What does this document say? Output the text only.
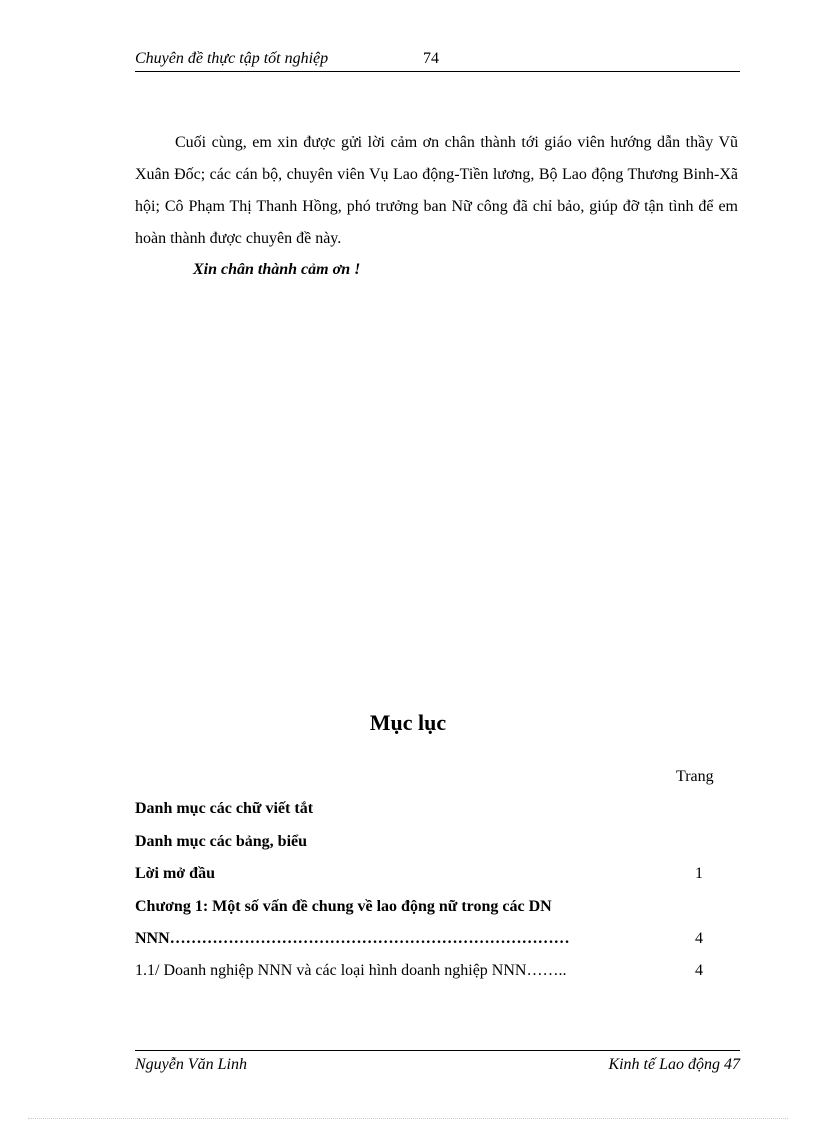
Chuyên đề thực tập tốt nghiệp	74

Cuối cùng, em xin được gửi lời cảm ơn chân thành tới giáo viên hướng dẫn thầy Vũ Xuân Đốc; các cán bộ, chuyên viên Vụ Lao động-Tiền lương, Bộ Lao động Thương Binh-Xã hội; Cô Phạm Thị Thanh Hồng, phó trưởng ban Nữ công đã chỉ bảo, giúp đỡ tận tình để em hoàn thành được chuyên đề này.

Xin chân thành cảm ơn !
Mục lục
Trang
Danh mục các chữ viết tắt
Danh mục các bảng, biểu
Lời mở đầu	1
Chương 1: Một số vấn đề chung về lao động nữ trong các DN
NNN…………………………………………………………………	4
1.1/ Doanh nghiệp NNN và các loại hình doanh nghiệp NNN……..	4
Nguyễn Văn Linh	Kinh tế Lao động 47
